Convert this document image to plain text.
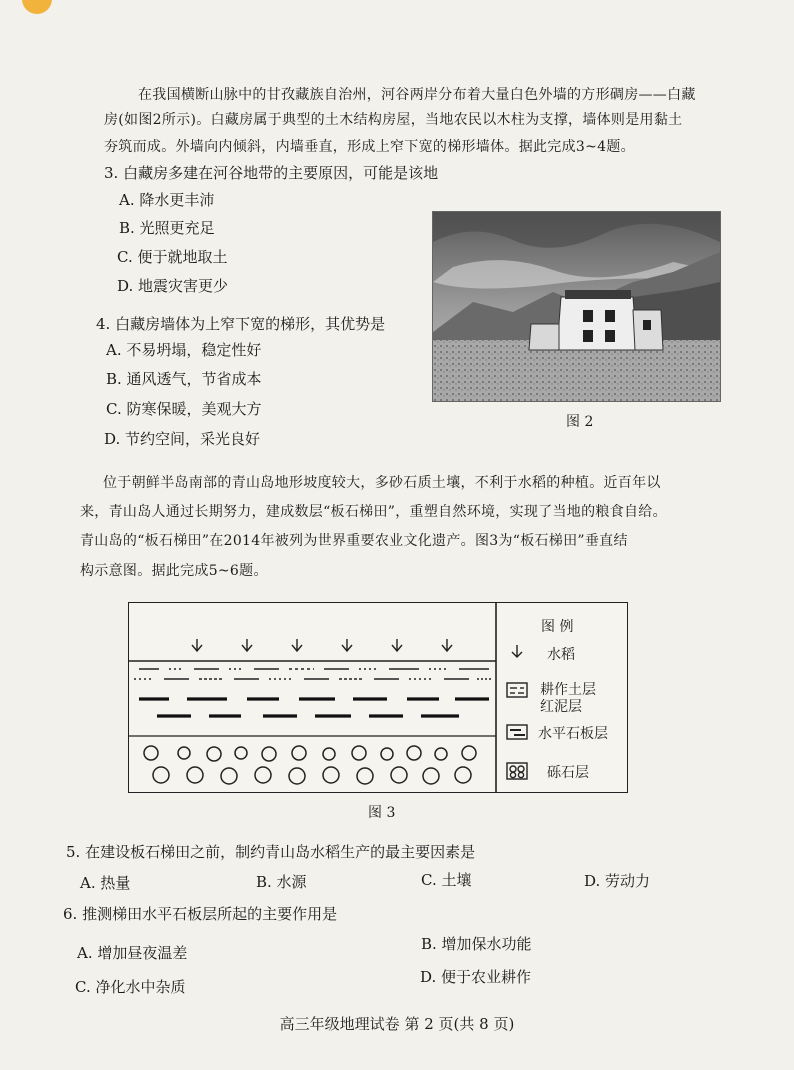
在我国横断山脉中的甘孜藏族自治州，河谷两岸分布着大量白色外墙的方形碉房——白藏
房(如图2所示)。白藏房属于典型的土木结构房屋，当地农民以木柱为支撑，墙体则是用黏土
夯筑而成。外墙向内倾斜，内墙垂直，形成上窄下宽的梯形墙体。据此完成3~4题。
3. 白藏房多建在河谷地带的主要原因，可能是该地
A. 降水更丰沛
B. 光照更充足
C. 便于就地取土
D. 地震灾害更少
4. 白藏房墙体为上窄下宽的梯形，其优势是
A. 不易坍塌，稳定性好
B. 通风透气，节省成本
C. 防寒保暖，美观大方
D. 节约空间，采光良好
图 2
位于朝鲜半岛南部的青山岛地形坡度较大，多砂石质土壤，不利于水稻的种植。近百年以
来，青山岛人通过长期努力，建成数层“板石梯田”，重塑自然环境，实现了当地的粮食自给。
青山岛的“板石梯田”在2014年被列为世界重要农业文化遗产。图3为“板石梯田”垂直结
构示意图。据此完成5~6题。
图 例
水稻
耕作土层
红泥层
水平石板层
砾石层
图 3
5. 在建设板石梯田之前，制约青山岛水稻生产的最主要因素是
A. 热量	B. 水源	C. 土壤	D. 劳动力
6. 推测梯田水平石板层所起的主要作用是
A. 增加昼夜温差	B. 增加保水功能
C. 净化水中杂质
D. 便于农业耕作
高三年级地理试卷 第 2 页(共 8 页)
